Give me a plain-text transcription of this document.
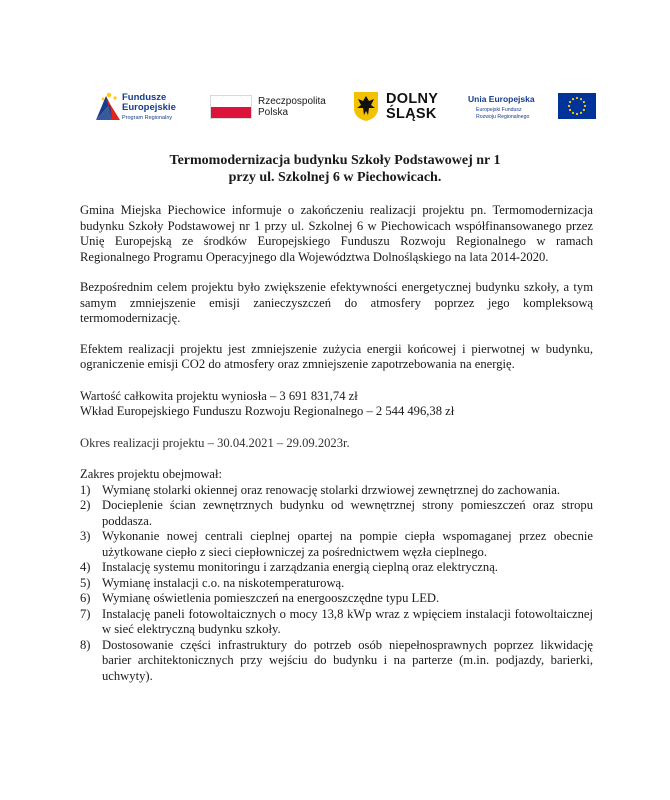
Fundusze
Europejskie
Program Regionalny
Rzeczpospolita
Polska
DOLNY
ŚLĄSK
Unia Europejska
Europejski Fundusz
Rozwoju Regionalnego
Termomodernizacja budynku Szkoły Podstawowej nr 1
przy ul. Szkolnej 6 w Piechowicach.

Gmina Miejska Piechowice informuje o zakończeniu realizacji projektu pn. Termomodernizacja budynku Szkoły Podstawowej nr 1 przy ul. Szkolnej 6 w Piechowicach współfinansowanego przez Unię Europejską ze środków Europejskiego Funduszu Rozwoju Regionalnego w ramach Regionalnego Programu Operacyjnego dla Województwa Dolnośląskiego na lata 2014-2020.

Bezpośrednim celem projektu było zwiększenie efektywności energetycznej budynku szkoły, a tym samym zmniejszenie emisji zanieczyszczeń do atmosfery poprzez jego kompleksową termomodernizację.

Efektem realizacji projektu jest zmniejszenie zużycia energii końcowej i pierwotnej w budynku, ograniczenie emisji CO2 do atmosfery oraz zmniejszenie zapotrzebowania na energię.

Wartość całkowita projektu wyniosła – 3 691 831,74 zł
Wkład Europejskiego Funduszu Rozwoju Regionalnego – 2 544 496,38 zł

Okres realizacji projektu – 30.04.2021 – 29.09.2023r.

Zakres projektu obejmował:

1) Wymianę stolarki okiennej oraz renowację stolarki drzwiowej zewnętrznej do zachowania.
2) Docieplenie ścian zewnętrznych budynku od wewnętrznej strony pomieszczeń oraz stropu poddasza.
3) Wykonanie nowej centrali cieplnej opartej na pompie ciepła wspomaganej przez obecnie użytkowane ciepło z sieci ciepłowniczej za pośrednictwem węzła cieplnego.
4) Instalację systemu monitoringu i zarządzania energią cieplną oraz elektryczną.
5) Wymianę instalacji c.o. na niskotemperaturową.
6) Wymianę oświetlenia pomieszczeń na energooszczędne typu LED.
7) Instalację paneli fotowoltaicznych o mocy 13,8 kWp wraz z wpięciem instalacji fotowoltaicznej w sieć elektryczną budynku szkoły.
8) Dostosowanie części infrastruktury do potrzeb osób niepełnosprawnych poprzez likwidację barier architektonicznych przy wejściu do budynku i na parterze (m.in. podjazdy, barierki, uchwyty).
